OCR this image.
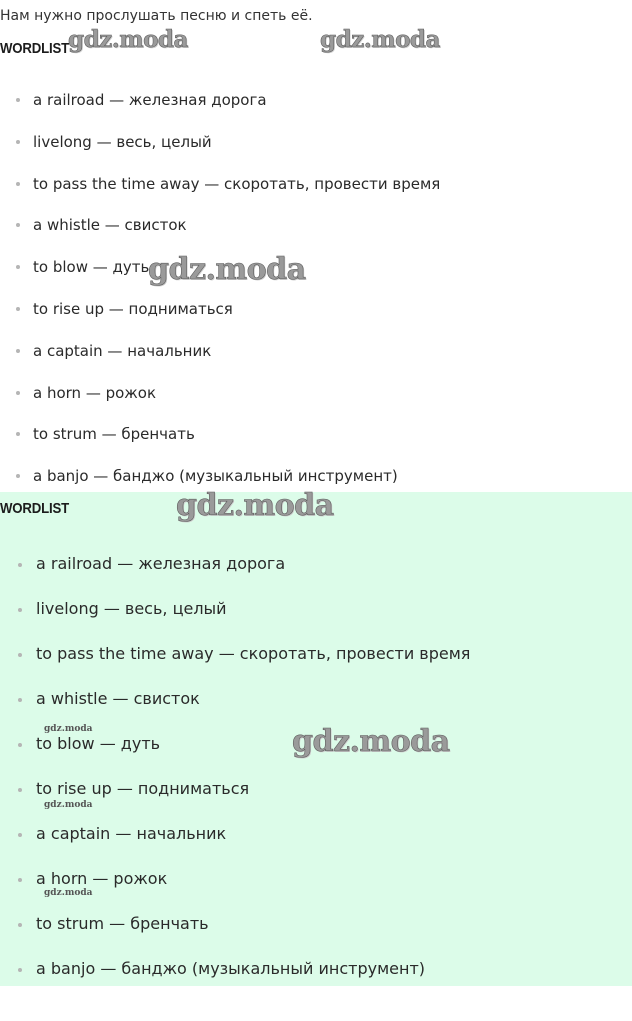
Нам нужно прослушать песню и спеть её.

WORDLIST
a railroad — железная дорога
livelong — весь, целый
to pass the time away — скоротать, провести время
a whistle — свисток
to blow — дуть
to rise up — подниматься
a captain — начальник
a horn — рожок
to strum — бренчать
a banjo — банджо (музыкальный инструмент)
WORDLIST
a railroad — железная дорога
livelong — весь, целый
to pass the time away — скоротать, провести время
a whistle — свисток
to blow — дуть
to rise up — подниматься
a captain — начальник
a horn — рожок
to strum — бренчать
a banjo — банджо (музыкальный инструмент)
gdz.moda	gdz.moda
gdz.moda
gdz.moda
gdz.moda
gdz.moda
gdz.moda
gdz.moda
